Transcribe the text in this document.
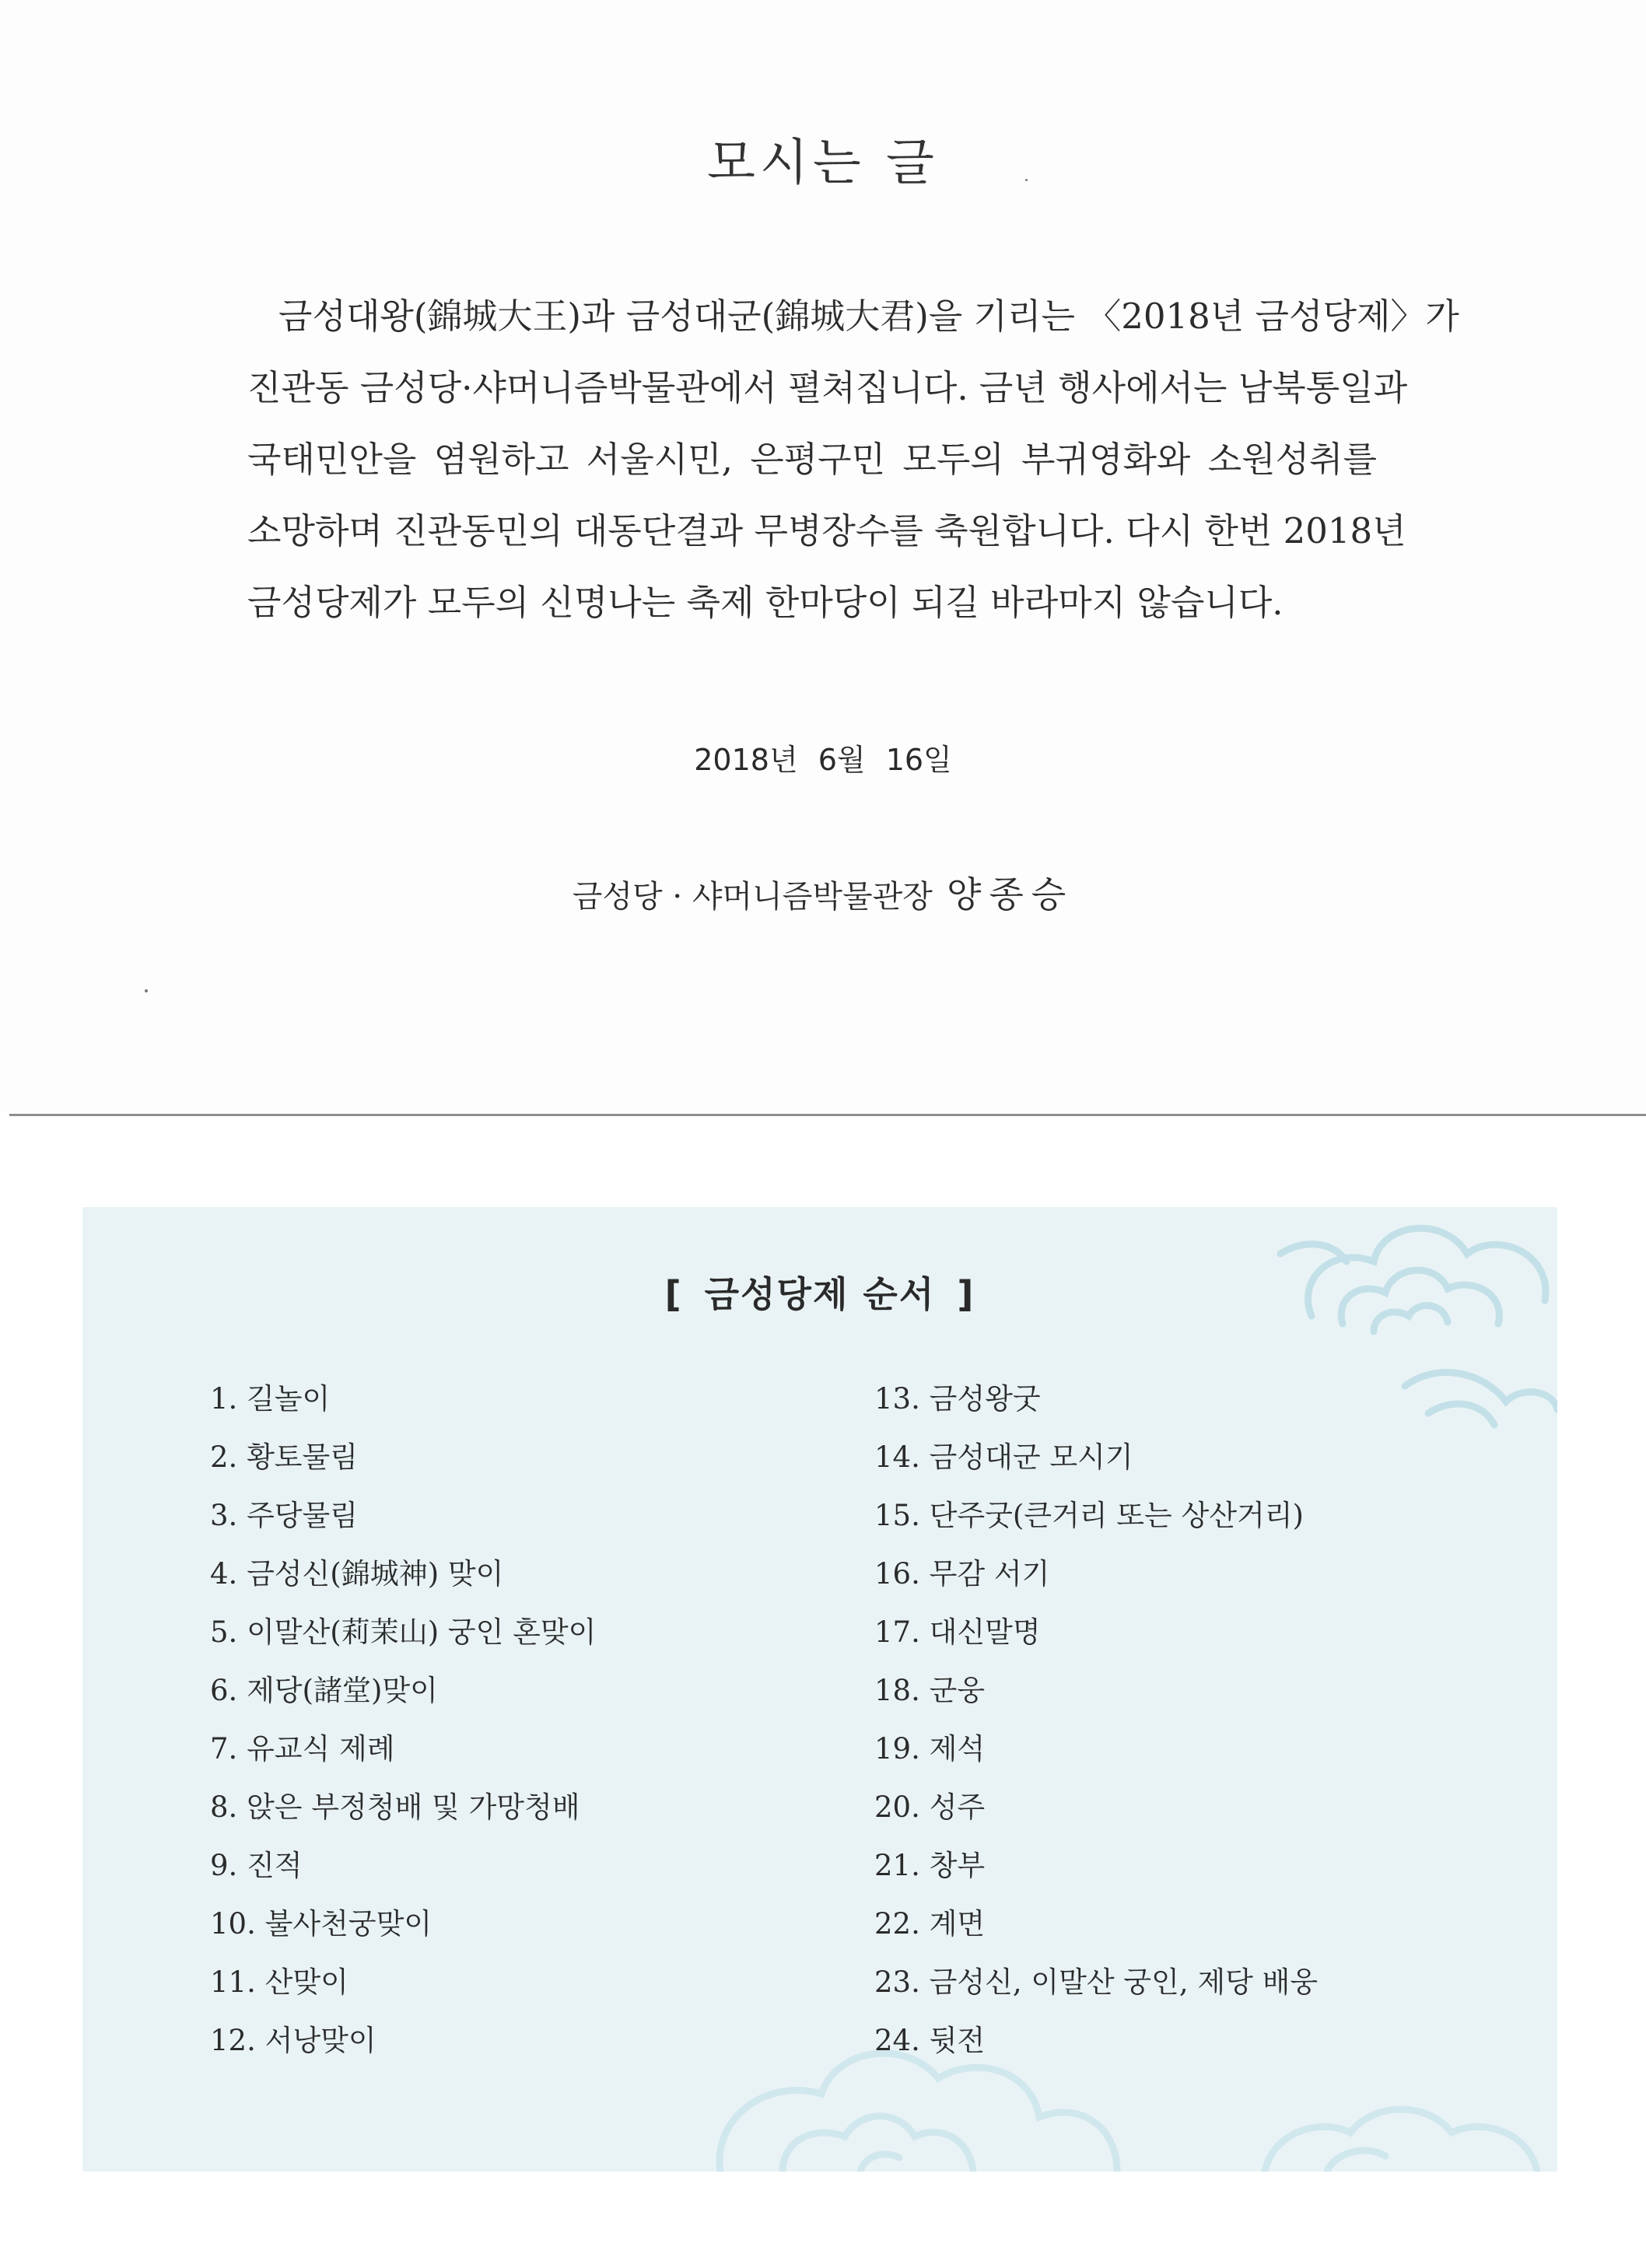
모시는 글
금성대왕(錦城大王)과 금성대군(錦城大君)을 기리는 〈2018년 금성당제〉가
진관동 금성당·샤머니즘박물관에서 펼쳐집니다. 금년 행사에서는 남북통일과
국태민안을 염원하고 서울시민, 은평구민 모두의 부귀영화와 소원성취를
소망하며 진관동민의 대동단결과 무병장수를 축원합니다. 다시 한번 2018년
금성당제가 모두의 신명나는 축제 한마당이 되길 바라마지 않습니다.
2018년 6월 16일
금성당 · 샤머니즘박물관장 양종승
[ 금성당제 순서 ]
1. 길놀이
2. 황토물림
3. 주당물림
4. 금성신(錦城神) 맞이
5. 이말산(莉茉山) 궁인 혼맞이
6. 제당(諸堂)맞이
7. 유교식 제례
8. 앉은 부정청배 및 가망청배
9. 진적
10. 불사천궁맞이
11. 산맞이
12. 서낭맞이
13. 금성왕굿
14. 금성대군 모시기
15. 단주굿(큰거리 또는 상산거리)
16. 무감 서기
17. 대신말명
18. 군웅
19. 제석
20. 성주
21. 창부
22. 계면
23. 금성신, 이말산 궁인, 제당 배웅
24. 뒷전
